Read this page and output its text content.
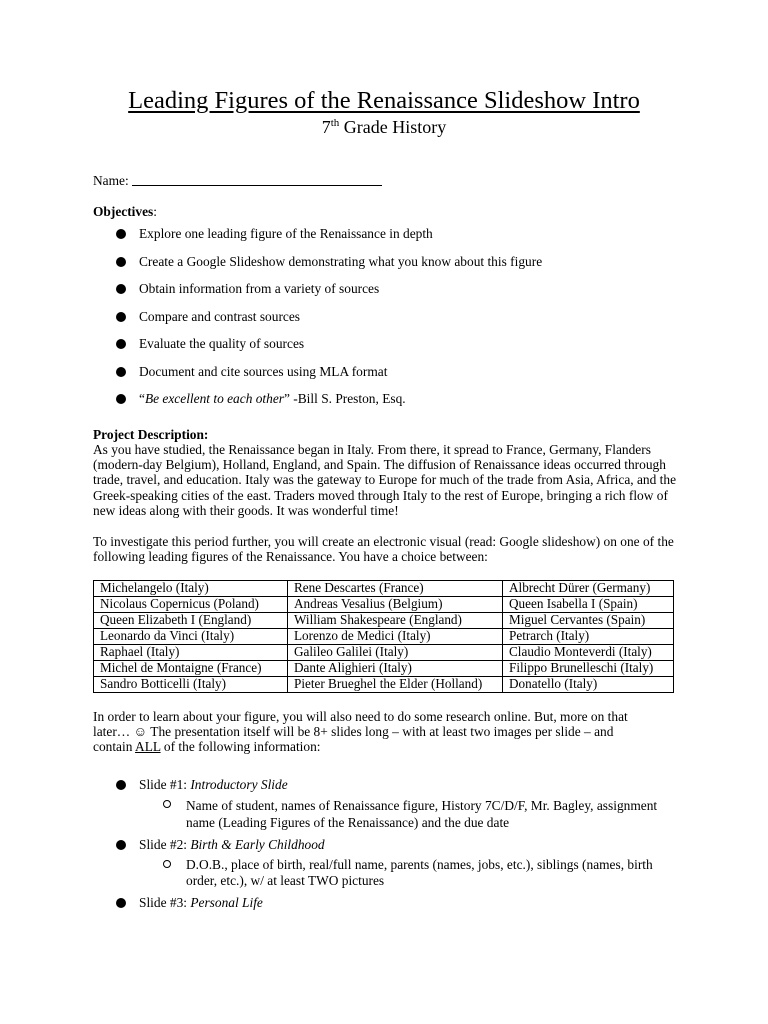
Leading Figures of the Renaissance Slideshow Intro
7th Grade History
Name:
Objectives:
Explore one leading figure of the Renaissance in depth
Create a Google Slideshow demonstrating what you know about this figure
Obtain information from a variety of sources
Compare and contrast sources
Evaluate the quality of sources
Document and cite sources using MLA format
“Be excellent to each other” -Bill S. Preston, Esq.
Project Description:
As you have studied, the Renaissance began in Italy. From there, it spread to France, Germany, Flanders (modern-day Belgium), Holland, England, and Spain. The diffusion of Renaissance ideas occurred through trade, travel, and education. Italy was the gateway to Europe for much of the trade from Asia, Africa, and the Greek-speaking cities of the east. Traders moved through Italy to the rest of Europe, bringing a rich flow of new ideas along with their goods. It was wonderful time!
To investigate this period further, you will create an electronic visual (read: Google slideshow) on one of the following leading figures of the Renaissance. You have a choice between:
Michelangelo (Italy)	Rene Descartes (France)	Albrecht Dürer (Germany)
Nicolaus Copernicus (Poland)	Andreas Vesalius (Belgium)	Queen Isabella I (Spain)
Queen Elizabeth I (England)	William Shakespeare (England)	Miguel Cervantes (Spain)
Leonardo da Vinci (Italy)	Lorenzo de Medici (Italy)	Petrarch (Italy)
Raphael (Italy)	Galileo Galilei (Italy)	Claudio Monteverdi (Italy)
Michel de Montaigne (France)	Dante Alighieri (Italy)	Filippo Brunelleschi (Italy)
Sandro Botticelli (Italy)	Pieter Brueghel the Elder (Holland)	Donatello (Italy)
In order to learn about your figure, you will also need to do some research online. But, more on that
later… ☺ The presentation itself will be 8+ slides long – with at least two images per slide – and
contain ALL of the following information:
Slide #1: Introductory Slide
Name of student, names of Renaissance figure, History 7C/D/F, Mr. Bagley, assignment name (Leading Figures of the Renaissance) and the due date
Slide #2: Birth & Early Childhood
D.O.B., place of birth, real/full name, parents (names, jobs, etc.), siblings (names, birth order, etc.), w/ at least TWO pictures
Slide #3: Personal Life
